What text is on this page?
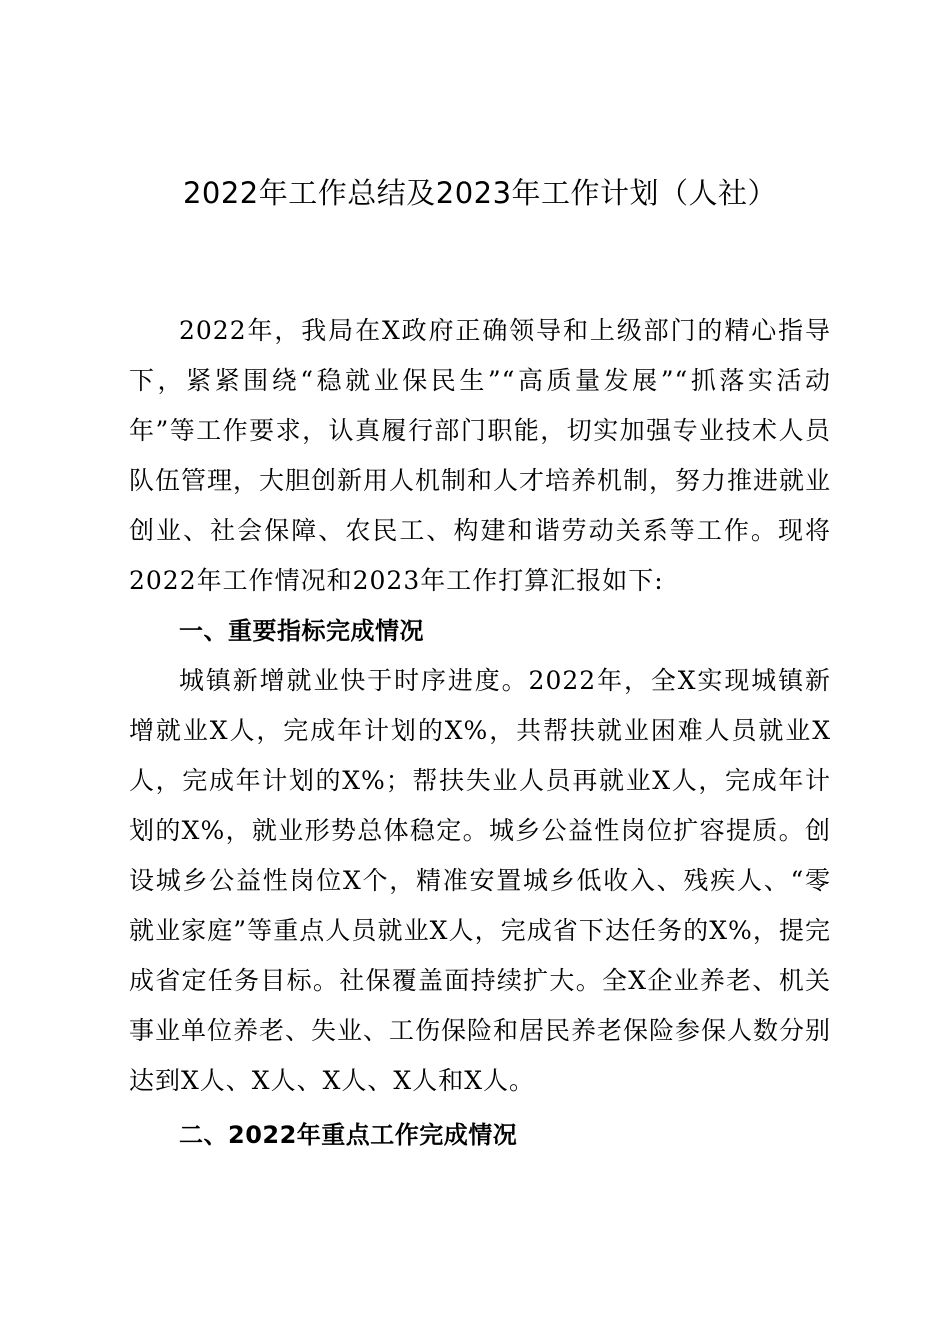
2022年工作总结及2023年工作计划（人社）

2022年，我局在X政府正确领导和上级部门的精心指导下，紧紧围绕“稳就业保民生”“高质量发展”“抓落实活动年”等工作要求，认真履行部门职能，切实加强专业技术人员队伍管理，大胆创新用人机制和人才培养机制，努力推进就业创业、社会保障、农民工、构建和谐劳动关系等工作。现将2022年工作情况和2023年工作打算汇报如下:

一、重要指标完成情况

城镇新增就业快于时序进度。2022年，全X实现城镇新增就业X人，完成年计划的X%，共帮扶就业困难人员就业X人，完成年计划的X%；帮扶失业人员再就业X人，完成年计划的X%，就业形势总体稳定。城乡公益性岗位扩容提质。创设城乡公益性岗位X个，精准安置城乡低收入、残疾人、“零就业家庭”等重点人员就业X人，完成省下达任务的X%，提完成省定任务目标。社保覆盖面持续扩大。全X企业养老、机关事业单位养老、失业、工伤保险和居民养老保险参保人数分别达到X人、X人、X人、X人和X人。

二、2022年重点工作完成情况
